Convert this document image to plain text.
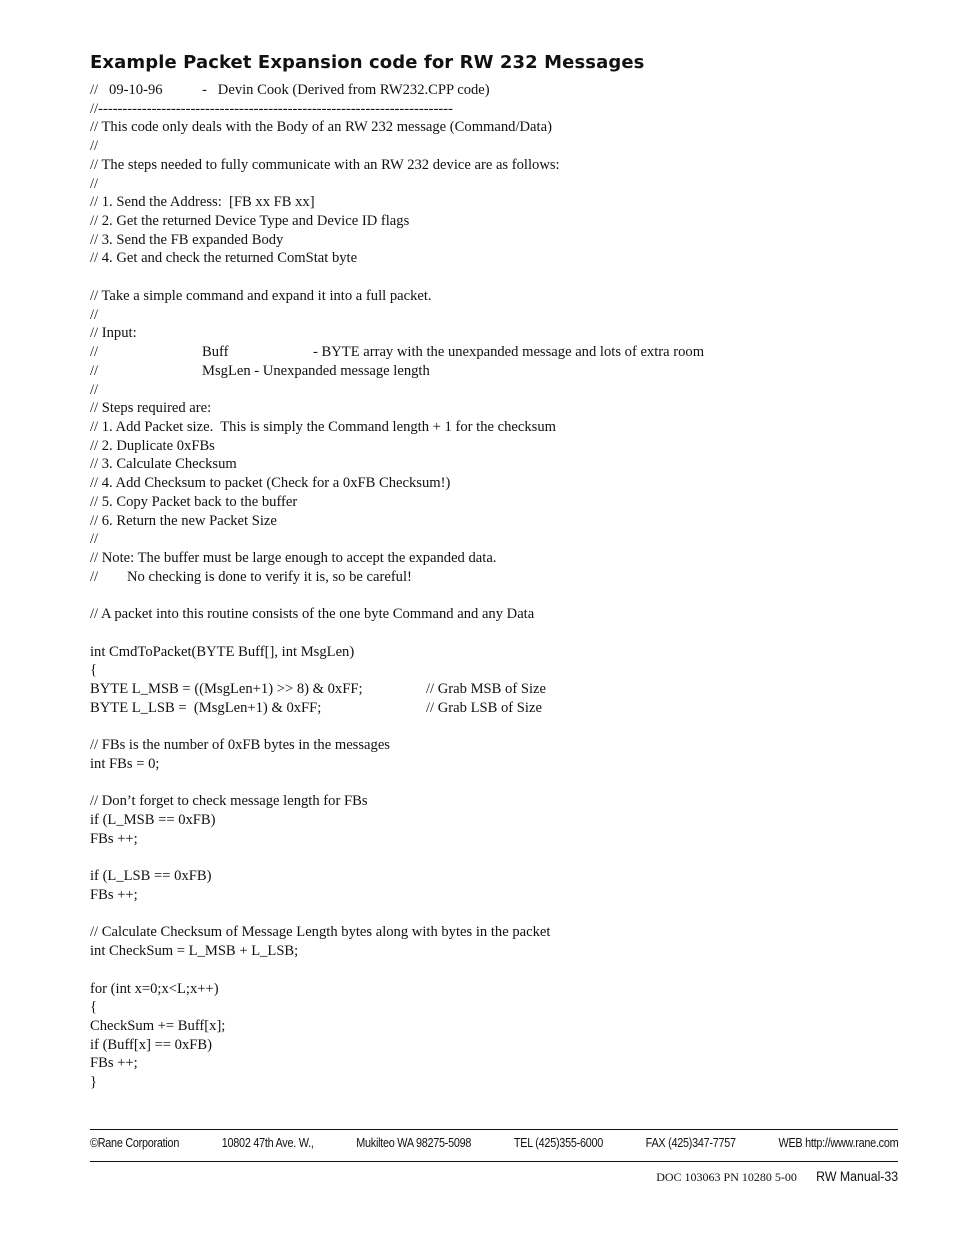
Example Packet Expansion code for RW 232 Messages
//   09-10-96	-   Devin Cook (Derived from RW232.CPP code)
//-------------------------------------------------------------------------
// This code only deals with the Body of an RW 232 message (Command/Data)
//
// The steps needed to fully communicate with an RW 232 device are as follows:
//
// 1. Send the Address:  [FB xx FB xx]
// 2. Get the returned Device Type and Device ID flags
// 3. Send the FB expanded Body
// 4. Get and check the returned ComStat byte
// Take a simple command and expand it into a full packet.
//
// Input:
//	Buff	- BYTE array with the unexpanded message and lots of extra room
//	MsgLen - Unexpanded message length
//
// Steps required are:
// 1. Add Packet size.  This is simply the Command length + 1 for the checksum
// 2. Duplicate 0xFBs
// 3. Calculate Checksum
// 4. Add Checksum to packet (Check for a 0xFB Checksum!)
// 5. Copy Packet back to the buffer
// 6. Return the new Packet Size
//
// Note: The buffer must be large enough to accept the expanded data.
// No checking is done to verify it is, so be careful!
// A packet into this routine consists of the one byte Command and any Data
int CmdToPacket(BYTE Buff[], int MsgLen)
{
BYTE L_MSB = ((MsgLen+1) >> 8) & 0xFF;	// Grab MSB of Size
BYTE L_LSB =  (MsgLen+1) & 0xFF;	// Grab LSB of Size
// FBs is the number of 0xFB bytes in the messages
int FBs = 0;
// Don’t forget to check message length for FBs
if (L_MSB == 0xFB)
FBs ++;
if (L_LSB == 0xFB)
FBs ++;
// Calculate Checksum of Message Length bytes along with bytes in the packet
int CheckSum = L_MSB + L_LSB;
for (int x=0;x<L;x++)
{
CheckSum += Buff[x];
if (Buff[x] == 0xFB)
FBs ++;
}
©Rane Corporation	10802 47th Ave. W.,	Mukilteo WA 98275-5098	TEL (425)355-6000	FAX (425)347-7757	WEB http://www.rane.com
DOC 103063 PN 10280 5-00 RW Manual-33
